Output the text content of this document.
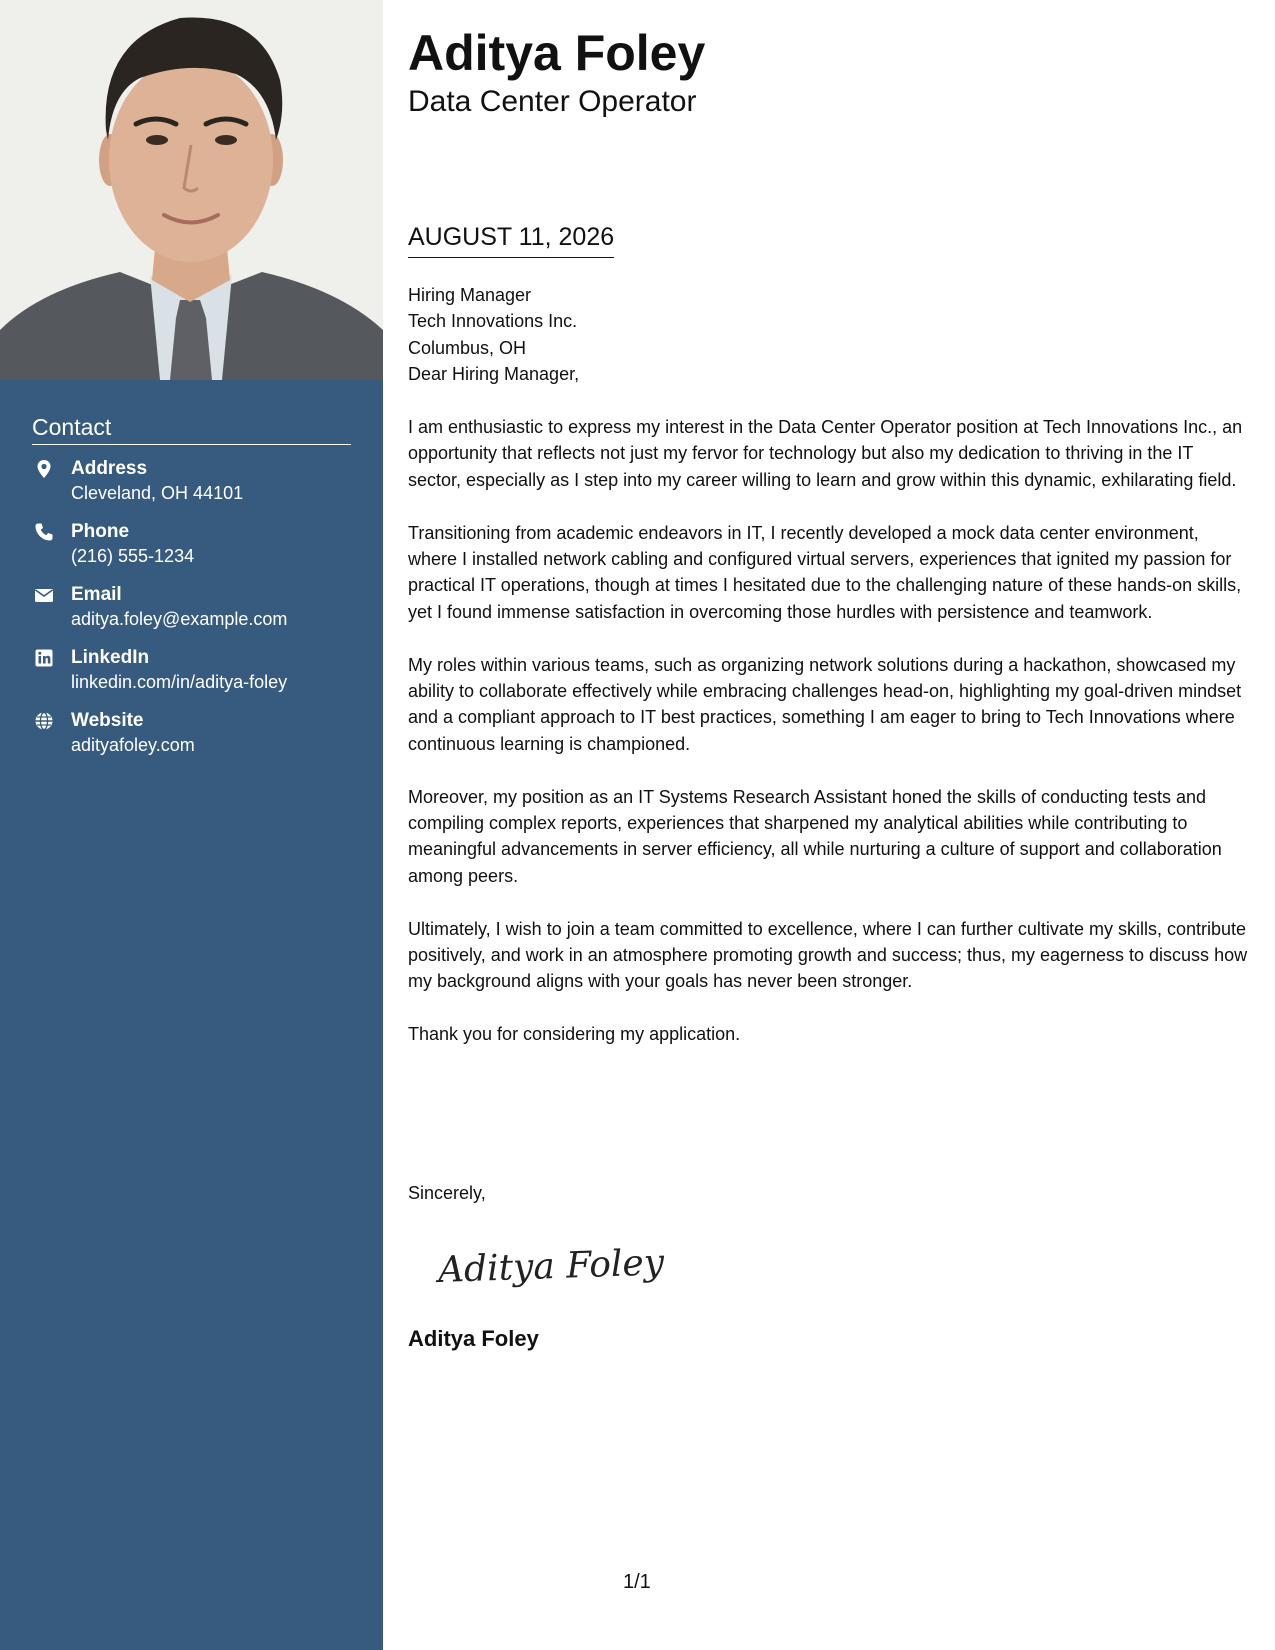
Contact
Address
Cleveland, OH 44101
Phone
(216) 555-1234
Email
aditya.foley@example.com
LinkedIn
linkedin.com/in/aditya-foley
Website
adityafoley.com
Aditya Foley
Data Center Operator
AUGUST 11, 2026
Hiring Manager
Tech Innovations Inc.
Columbus, OH

Dear Hiring Manager,

I am enthusiastic to express my interest in the Data Center Operator position at Tech Innovations Inc., an opportunity that reflects not just my fervor for technology but also my dedication to thriving in the IT sector, especially as I step into my career willing to learn and grow within this dynamic, exhilarating field.

Transitioning from academic endeavors in IT, I recently developed a mock data center environment, where I installed network cabling and configured virtual servers, experiences that ignited my passion for practical IT operations, though at times I hesitated due to the challenging nature of these hands-on skills, yet I found immense satisfaction in overcoming those hurdles with persistence and teamwork.

My roles within various teams, such as organizing network solutions during a hackathon, showcased my ability to collaborate effectively while embracing challenges head-on, highlighting my goal-driven mindset and a compliant approach to IT best practices, something I am eager to bring to Tech Innovations where continuous learning is championed.

Moreover, my position as an IT Systems Research Assistant honed the skills of conducting tests and compiling complex reports, experiences that sharpened my analytical abilities while contributing to meaningful advancements in server efficiency, all while nurturing a culture of support and collaboration among peers.

Ultimately, I wish to join a team committed to excellence, where I can further cultivate my skills, contribute positively, and work in an atmosphere promoting growth and success; thus, my eagerness to discuss how my background aligns with your goals has never been stronger.

Thank you for considering my application.

Sincerely,
Aditya Foley
Aditya Foley
1/1
